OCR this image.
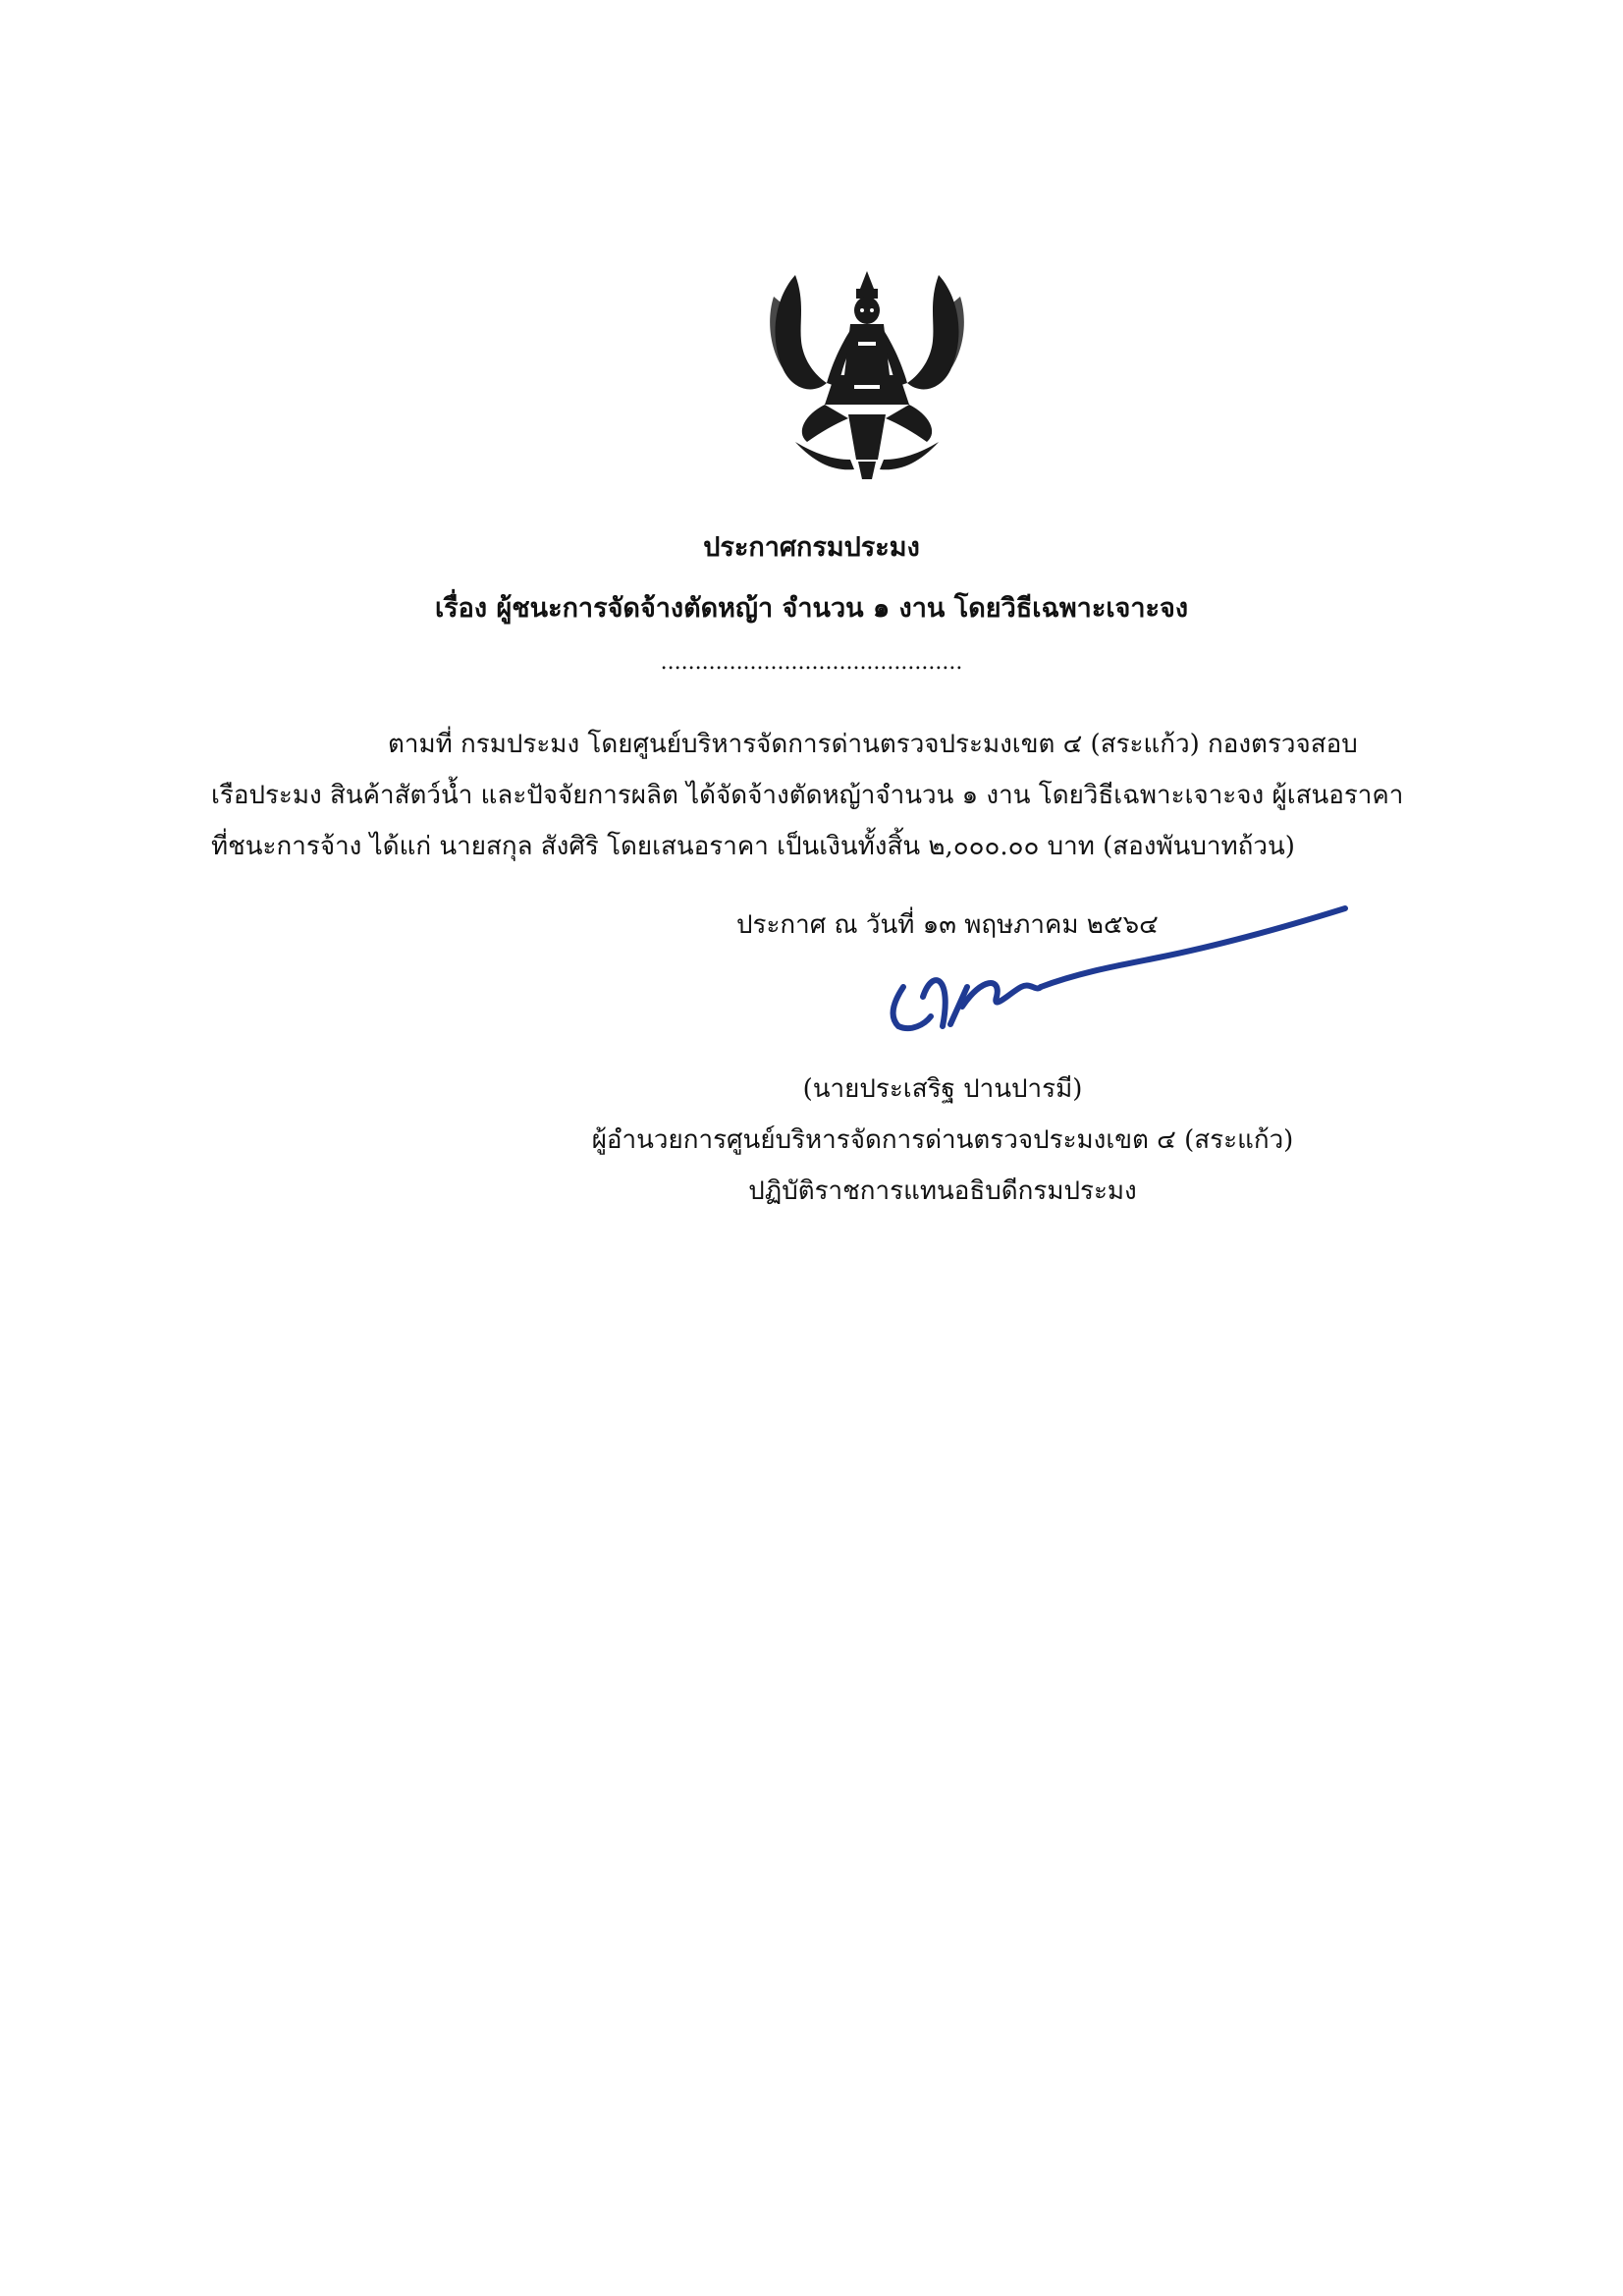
ประกาศกรมประมง
เรื่อง ผู้ชนะการจัดจ้างตัดหญ้า จำนวน ๑ งาน โดยวิธีเฉพาะเจาะจง
............................................
ตามที่ กรมประมง โดยศูนย์บริหารจัดการด่านตรวจประมงเขต ๔ (สระแก้ว) กองตรวจสอบ
เรือประมง สินค้าสัตว์น้ำ และปัจจัยการผลิต ได้จัดจ้างตัดหญ้าจำนวน ๑ งาน โดยวิธีเฉพาะเจาะจง ผู้เสนอราคา
ที่ชนะการจ้าง ได้แก่ นายสกุล สังศิริ โดยเสนอราคา เป็นเงินทั้งสิ้น ๒,๐๐๐.๐๐ บาท (สองพันบาทถ้วน)
ประกาศ ณ วันที่ ๑๓ พฤษภาคม ๒๕๖๔
(นายประเสริฐ ปานปารมี)
ผู้อำนวยการศูนย์บริหารจัดการด่านตรวจประมงเขต ๔ (สระแก้ว)
ปฏิบัติราชการแทนอธิบดีกรมประมง
